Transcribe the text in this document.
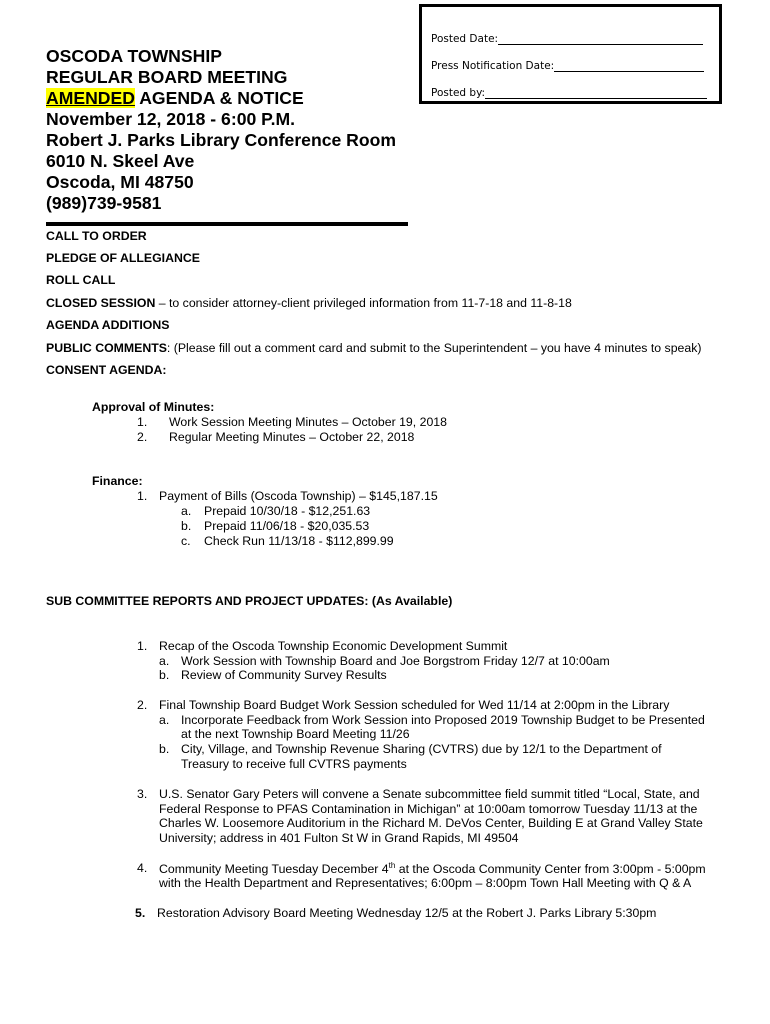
Posted Date:
Press Notification Date:
Posted by:
OSCODA TOWNSHIP
REGULAR BOARD MEETING
AMENDED AGENDA & NOTICE
November 12, 2018 - 6:00 P.M.
Robert J. Parks Library Conference Room
6010 N. Skeel Ave
Oscoda, MI 48750
(989)739-9581
CALL TO ORDER
PLEDGE OF ALLEGIANCE
ROLL CALL
CLOSED SESSION – to consider attorney-client privileged information from 11-7-18 and 11-8-18
AGENDA ADDITIONS
PUBLIC COMMENTS: (Please fill out a comment card and submit to the Superintendent – you have 4 minutes to speak)
CONSENT AGENDA:
Approval of Minutes:
1. Work Session Meeting Minutes – October 19, 2018
2. Regular Meeting Minutes – October 22, 2018
Finance:
1. Payment of Bills (Oscoda Township) – $145,187.15
a. Prepaid 10/30/18 - $12,251.63
b. Prepaid 11/06/18 - $20,035.53
c. Check Run 11/13/18 - $112,899.99
SUB COMMITTEE REPORTS AND PROJECT UPDATES: (As Available)
1. Recap of the Oscoda Township Economic Development Summit
a. Work Session with Township Board and Joe Borgstrom Friday 12/7 at 10:00am
b. Review of Community Survey Results
2. Final Township Board Budget Work Session scheduled for Wed 11/14 at 2:00pm in the Library
a. Incorporate Feedback from Work Session into Proposed 2019 Township Budget to be Presented
at the next Township Board Meeting 11/26
b. City, Village, and Township Revenue Sharing (CVTRS) due by 12/1 to the Department of
Treasury to receive full CVTRS payments
3. U.S. Senator Gary Peters will convene a Senate subcommittee field summit titled “Local, State, and
Federal Response to PFAS Contamination in Michigan” at 10:00am tomorrow Tuesday 11/13 at the
Charles W. Loosemore Auditorium in the Richard M. DeVos Center, Building E at Grand Valley State
University; address in 401 Fulton St W in Grand Rapids, MI 49504
4. Community Meeting Tuesday December 4th at the Oscoda Community Center from 3:00pm - 5:00pm
with the Health Department and Representatives; 6:00pm – 8:00pm Town Hall Meeting with Q & A
5. Restoration Advisory Board Meeting Wednesday 12/5 at the Robert J. Parks Library 5:30pm
